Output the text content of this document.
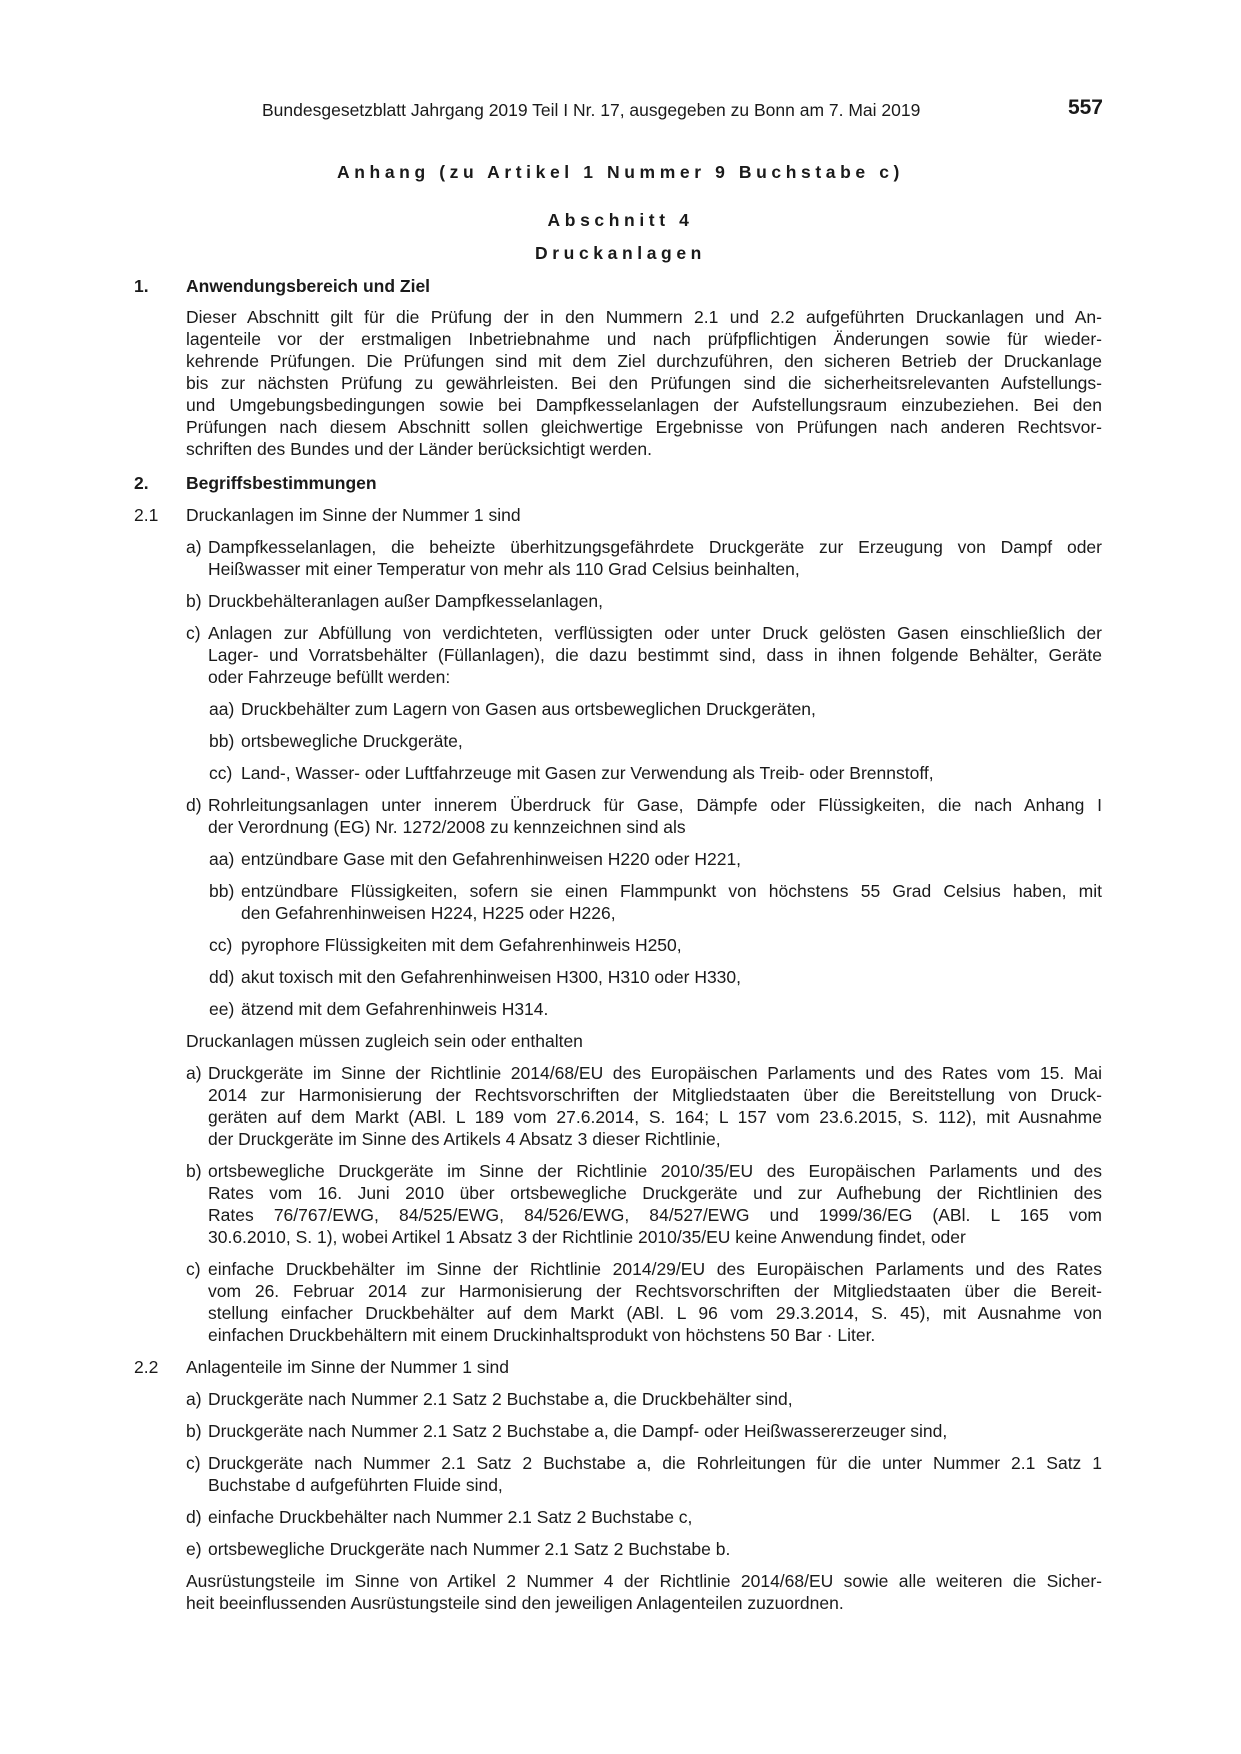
Bundesgesetzblatt Jahrgang 2019 Teil I Nr. 17, ausgegeben zu Bonn am 7. Mai 2019	557
Anhang (zu Artikel 1 Nummer 9 Buchstabe c)
Abschnitt 4
Druckanlagen
1. Anwendungsbereich und Ziel
Dieser Abschnitt gilt für die Prüfung der in den Nummern 2.1 und 2.2 aufgeführten Druckanlagen und An-
lagenteile vor der erstmaligen Inbetriebnahme und nach prüfpflichtigen Änderungen sowie für wieder-
kehrende Prüfungen. Die Prüfungen sind mit dem Ziel durchzuführen, den sicheren Betrieb der Druckanlage
bis zur nächsten Prüfung zu gewährleisten. Bei den Prüfungen sind die sicherheitsrelevanten Aufstellungs-
und Umgebungsbedingungen sowie bei Dampfkesselanlagen der Aufstellungsraum einzubeziehen. Bei den
Prüfungen nach diesem Abschnitt sollen gleichwertige Ergebnisse von Prüfungen nach anderen Rechtsvor-
schriften des Bundes und der Länder berücksichtigt werden.
2. Begriffsbestimmungen
2.1 Druckanlagen im Sinne der Nummer 1 sind
a) Dampfkesselanlagen, die beheizte überhitzungsgefährdete Druckgeräte zur Erzeugung von Dampf oder
Heißwasser mit einer Temperatur von mehr als 110 Grad Celsius beinhalten,
b) Druckbehälteranlagen außer Dampfkesselanlagen,
c) Anlagen zur Abfüllung von verdichteten, verflüssigten oder unter Druck gelösten Gasen einschließlich der
Lager- und Vorratsbehälter (Füllanlagen), die dazu bestimmt sind, dass in ihnen folgende Behälter, Geräte
oder Fahrzeuge befüllt werden:
aa) Druckbehälter zum Lagern von Gasen aus ortsbeweglichen Druckgeräten,
bb) ortsbewegliche Druckgeräte,
cc) Land-, Wasser- oder Luftfahrzeuge mit Gasen zur Verwendung als Treib- oder Brennstoff,
d) Rohrleitungsanlagen unter innerem Überdruck für Gase, Dämpfe oder Flüssigkeiten, die nach Anhang I
der Verordnung (EG) Nr. 1272/2008 zu kennzeichnen sind als
aa) entzündbare Gase mit den Gefahrenhinweisen H220 oder H221,
bb) entzündbare Flüssigkeiten, sofern sie einen Flammpunkt von höchstens 55 Grad Celsius haben, mit
den Gefahrenhinweisen H224, H225 oder H226,
cc) pyrophore Flüssigkeiten mit dem Gefahrenhinweis H250,
dd) akut toxisch mit den Gefahrenhinweisen H300, H310 oder H330,
ee) ätzend mit dem Gefahrenhinweis H314.
Druckanlagen müssen zugleich sein oder enthalten
a) Druckgeräte im Sinne der Richtlinie 2014/68/EU des Europäischen Parlaments und des Rates vom 15. Mai
2014 zur Harmonisierung der Rechtsvorschriften der Mitgliedstaaten über die Bereitstellung von Druck-
geräten auf dem Markt (ABl. L 189 vom 27.6.2014, S. 164; L 157 vom 23.6.2015, S. 112), mit Ausnahme
der Druckgeräte im Sinne des Artikels 4 Absatz 3 dieser Richtlinie,
b) ortsbewegliche Druckgeräte im Sinne der Richtlinie 2010/35/EU des Europäischen Parlaments und des
Rates vom 16. Juni 2010 über ortsbewegliche Druckgeräte und zur Aufhebung der Richtlinien des
Rates 76/767/EWG, 84/525/EWG, 84/526/EWG, 84/527/EWG und 1999/36/EG (ABl. L 165 vom
30.6.2010, S. 1), wobei Artikel 1 Absatz 3 der Richtlinie 2010/35/EU keine Anwendung findet, oder
c) einfache Druckbehälter im Sinne der Richtlinie 2014/29/EU des Europäischen Parlaments und des Rates
vom 26. Februar 2014 zur Harmonisierung der Rechtsvorschriften der Mitgliedstaaten über die Bereit-
stellung einfacher Druckbehälter auf dem Markt (ABl. L 96 vom 29.3.2014, S. 45), mit Ausnahme von
einfachen Druckbehältern mit einem Druckinhaltsprodukt von höchstens 50 Bar · Liter.
2.2 Anlagenteile im Sinne der Nummer 1 sind
a) Druckgeräte nach Nummer 2.1 Satz 2 Buchstabe a, die Druckbehälter sind,
b) Druckgeräte nach Nummer 2.1 Satz 2 Buchstabe a, die Dampf- oder Heißwassererzeuger sind,
c) Druckgeräte nach Nummer 2.1 Satz 2 Buchstabe a, die Rohrleitungen für die unter Nummer 2.1 Satz 1
Buchstabe d aufgeführten Fluide sind,
d) einfache Druckbehälter nach Nummer 2.1 Satz 2 Buchstabe c,
e) ortsbewegliche Druckgeräte nach Nummer 2.1 Satz 2 Buchstabe b.
Ausrüstungsteile im Sinne von Artikel 2 Nummer 4 der Richtlinie 2014/68/EU sowie alle weiteren die Sicher-
heit beeinflussenden Ausrüstungsteile sind den jeweiligen Anlagenteilen zuzuordnen.
